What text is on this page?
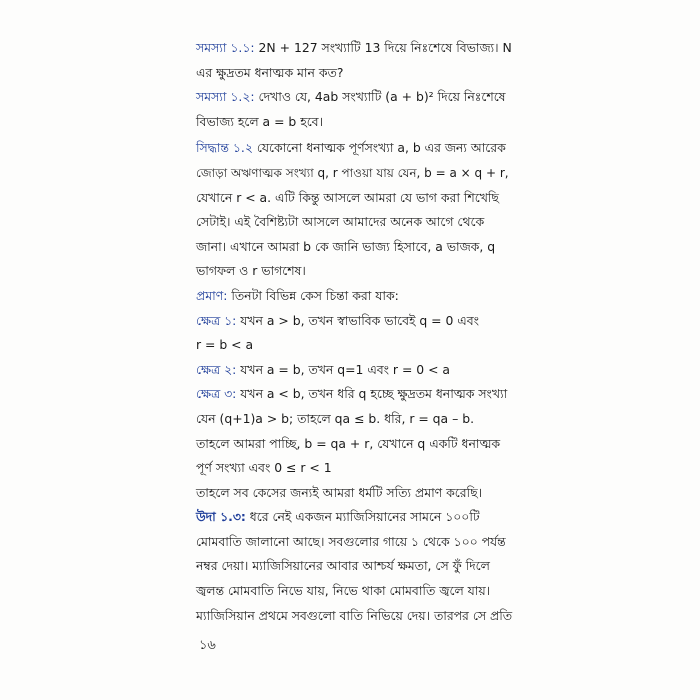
সমস্যা ১.১: 2N + 127 সংখ্যাটি 13 দিয়ে নিঃশেষে বিভাজ্য। N
এর ক্ষুদ্রতম ধনাত্মক মান কত?
সমস্যা ১.২: দেখাও যে, 4ab সংখ্যাটি (a + b)² দিয়ে নিঃশেষে
বিভাজ্য হলে a = b হবে।
সিদ্ধান্ত ১.২ যেকোনো ধনাত্মক পূর্ণসংখ্যা a, b এর জন্য আরেক
জোড়া অঋণাত্মক সংখ্যা q, r পাওয়া যায় যেন, b = a × q + r,
যেখানে r < a. এটি কিন্তু আসলে আমরা যে ভাগ করা শিখেছি
সেটাই। এই বৈশিষ্ট্যটা আসলে আমাদের অনেক আগে থেকে
জানা। এখানে আমরা b কে জানি ভাজ্য হিসাবে, a ভাজক, q
ভাগফল ও r ভাগশেষ।
প্রমাণ: তিনটা বিভিন্ন কেস চিন্তা করা যাক:
ক্ষেত্র ১: যখন a > b, তখন স্বাভাবিক ভাবেই q = 0 এবং
r = b < a
ক্ষেত্র ২: যখন a = b, তখন q=1 এবং r = 0 < a
ক্ষেত্র ৩: যখন a < b, তখন ধরি q হচ্ছে ক্ষুদ্রতম ধনাত্মক সংখ্যা
যেন (q+1)a > b; তাহলে qa ≤ b. ধরি, r = qa – b.
তাহলে আমরা পাচ্ছি, b = qa + r, যেখানে q একটি ধনাত্মক
পূর্ণ সংখ্যা এবং 0 ≤ r < 1
তাহলে সব কেসের জন্যই আমরা ধর্মটি সত্যি প্রমাণ করেছি।
উদা ১.৩: ধরে নেই একজন ম্যাজিসিয়ানের সামনে ১০০টি
মোমবাতি জালানো আছে। সবগুলোর গায়ে ১ থেকে ১০০ পর্যন্ত
নম্বর দেয়া। ম্যাজিসিয়ানের আবার আশ্চর্য ক্ষমতা, সে ফুঁ দিলে
জ্বলন্ত মোমবাতি নিভে যায়, নিভে থাকা মোমবাতি জ্বলে যায়।
ম্যাজিসিয়ান প্রথমে সবগুলো বাতি নিভিয়ে দেয়। তারপর সে প্রতি
১৬
